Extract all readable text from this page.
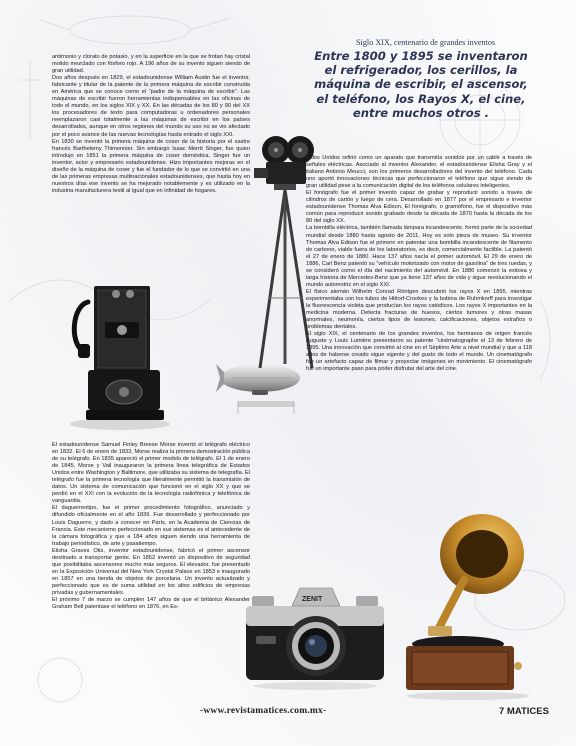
antimonio y clorato de potasio, y en la superficie en la que se frotan hay cristal molido mezclado con fósforo rojo. A 196 años de su invento siguen siendo de gran utilidad.

Dos años después en 1829, el estadounidense William Austin fue el inventor, fabricante y titular de la patente de la primera máquina de escribir construida en América que se conoce como el “padre de la máquina de escribir”. Las máquinas de escribir fueron herramientas indispensables en las oficinas de todo el mundo, en los siglos XIX y XX. En las décadas de los 80 y 90 del XX los procesadores de texto para computadoras u ordenadores personales reemplazaron casi totalmente a las máquinas de escribir en los países desarrollados, aunque en otros regiones del mundo su uso no se vio afectado por el poco avance de las nuevas tecnologías hasta entrado el siglo XXI.

En 1830 se inventó la primera máquina de coser de la historia por el sastre francés Barthelemy Thimonnier. Sin embargo Isaac Merrit Singer, fue quien introdujo en 1851 la primera máquina de coser doméstica. Singer fue un inventor, actor y empresario estadounidense. Hizo importantes mejoras en el diseño de la máquina de coser y fue el fundador de lo que se convirtió en una de las primeras empresas multinacionales estadounidenses, que hasta hoy en nuestros días ese invento se ha mejorado notablemente y es utilizado en la industria manufacturera textil al igual que en infinidad de hogares.

El estadounidense Samuel Finley Breese Morse inventó el telégrafo eléctrico en 1832. El 6 de enero de 1833, Morse realiza la primera demostración pública de su telégrafo. En 1835 apareció el primer modelo de telégrafo. El 1 de enero de 1845, Morse y Vail inauguraron la primera línea telegráfica de Estados Unidos entre Washington y Baltimore, que utilizaba su sistema de telegrafía. El telégrafo fue la primera tecnología que literalmente permitió la transmisión de datos. Un sistema de comunicación que funcionó en el siglo XX y que se perdió en el XXI con la evolución de la tecnología radiofónica y telefónica de vanguardia.

El daguerreotipo, fue el primer procedimiento fotográfico, anunciado y difundido oficialmente en el año 1839. Fue desarrollado y perfeccionado por Louis Daguerre, y dado a conocer en París, en la Academia de Ciencias de Francia. Este mecanismo perfeccionado en sus sistemas es el antecedente de la cámara fotográfica y que a 184 años siguen siendo una herramienta de trabajo periodístico, de arte y pasatiempo.

Elisha Graves Otis, inventor estadounidense, fabricó el primer ascensor destinado a transportar gente. En 1852 inventó un dispositivo de seguridad que posibilitaba ascensores mucho más seguros. El elevador, fue presentado en la Exposición Universal del New York Crystal Palace en 1853 e inaugurado en 1857 en una tienda de objetos de porcelana. Un invento actualizado y perfeccionado que es de suma utilidad en los altos edificios de empresas privadas y gubernamentales.

El próximo 7 de marzo se cumplen 147 años de que el británico Alexander Graham Bell patentase el teléfono en 1876, en Es-

Siglo XIX, centenario de grandes inventos
Entre 1800 y 1895 se inventaron el refrigerador, los cerillos, la máquina de escribir, el ascensor, el teléfono, los Rayos X, el cine, entre muchos otros .

tados Unidos refirió como un aparato que transmitía sonidos por un cable a través de señales eléctricas. Asociado al inventor Alexander, el estadounidense Elisha Gray y el italiano Antonio Meucci, son los primeros desarrolladores del invento del teléfono. Cada uno aportó innovaciones técnicas que perfeccionaron el teléfono que sigue siendo de gran utilidad pese a la comunicación digital de los teléfonos celulares inteligentes.

El fonógrafo fue el primer invento capaz de grabar y reproducir sonido a través de cilindros de cartón y luego de cera. Desarrollado en 1877 por el empresario e inventor estadounidense Thomas Alva Edison. El fonógrafo, o gramófono, fue el dispositivo más común para reproducir sonido grabado desde la década de 1870 hasta la década de los 80 del siglo XX.

La bombilla eléctrica, también llamada lámpara incandescente, formó parte de la sociedad mundial desde 1880 hasta agosto de 2011. Hoy es solo pieza de museo. Su inventor Thomas Alva Edison fue el primero en patentar una bombilla incandescente de filamento de carbono, viable fuera de los laboratorios, es decir, comercialmente factible. La patentó el 27 de enero de 1880. Hace 137 años nacía el primer automóvil. El 29 de enero de 1886, Carl Benz patentó su “vehículo motorizado con motor de gasolina” de tres ruedas, y se consideró como el día del nacimiento del automóvil. En 1886 comenzó la exitosa y larga historia de Mercedes-Benz que ya tiene 137 años de vida y sigue revolucionando el mundo automotriz en el siglo XXI.

El físico alemán Wilhelm Conrad Röntgen descubrió los rayos X en 1895, mientras experimentaba con los tubos de Hittorf-Crookes y la bobina de Ruhmkorff para investigar la fluorescencia violeta que producían los rayos catódicos. Los rayos X importantes en la medicina moderna. Detecta fracturas de huesos, ciertos tumores y otras masas anormales, neumonía, ciertos tipos de lesiones, calcificaciones, objetos extraños o problemas dentales.

El siglo XIX, el centenario de los grandes inventos, los hermanos de origen francés Auguste y Louis Lumière presentaron su patente “cinématographe el 13 de febrero de 1895. Una innovación que convirtió al cine en el Séptimo Arte a nivel mundial y que a 118 años de haberse creado sigue vigente y del gusto de todo el mundo. Un cinematógrafo fue un artefacto capaz de filmar y proyectar imágenes en movimiento. El cinematógrafo fue un importante paso para poder disfrutar del arte del cine.

ZENIT
-www.revistamatices.com.mx-	7 MATICES
